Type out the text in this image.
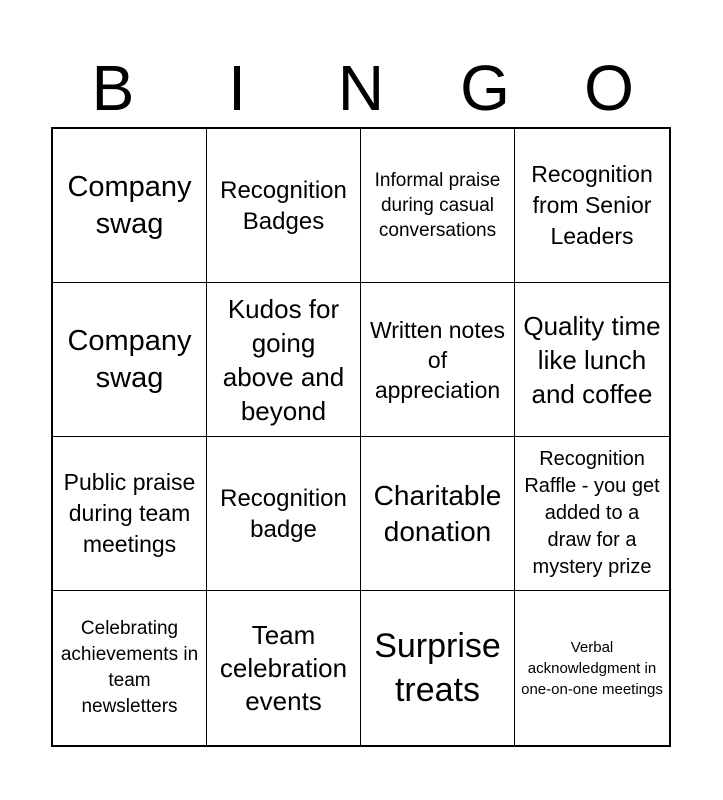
B	I	N	G	O
Company swag
Recognition Badges
Informal praise during casual conversations
Recognition from Senior Leaders
Company swag
Kudos for going above and beyond
Written notes of appreciation
Quality time like lunch and coffee
Public praise during team meetings
Recognition badge
Charitable donation
Recognition Raffle - you get added to a draw for a mystery prize
Celebrating achievements in team newsletters
Team celebration events
Surprise treats
Verbal acknowledgment in one-on-one meetings
